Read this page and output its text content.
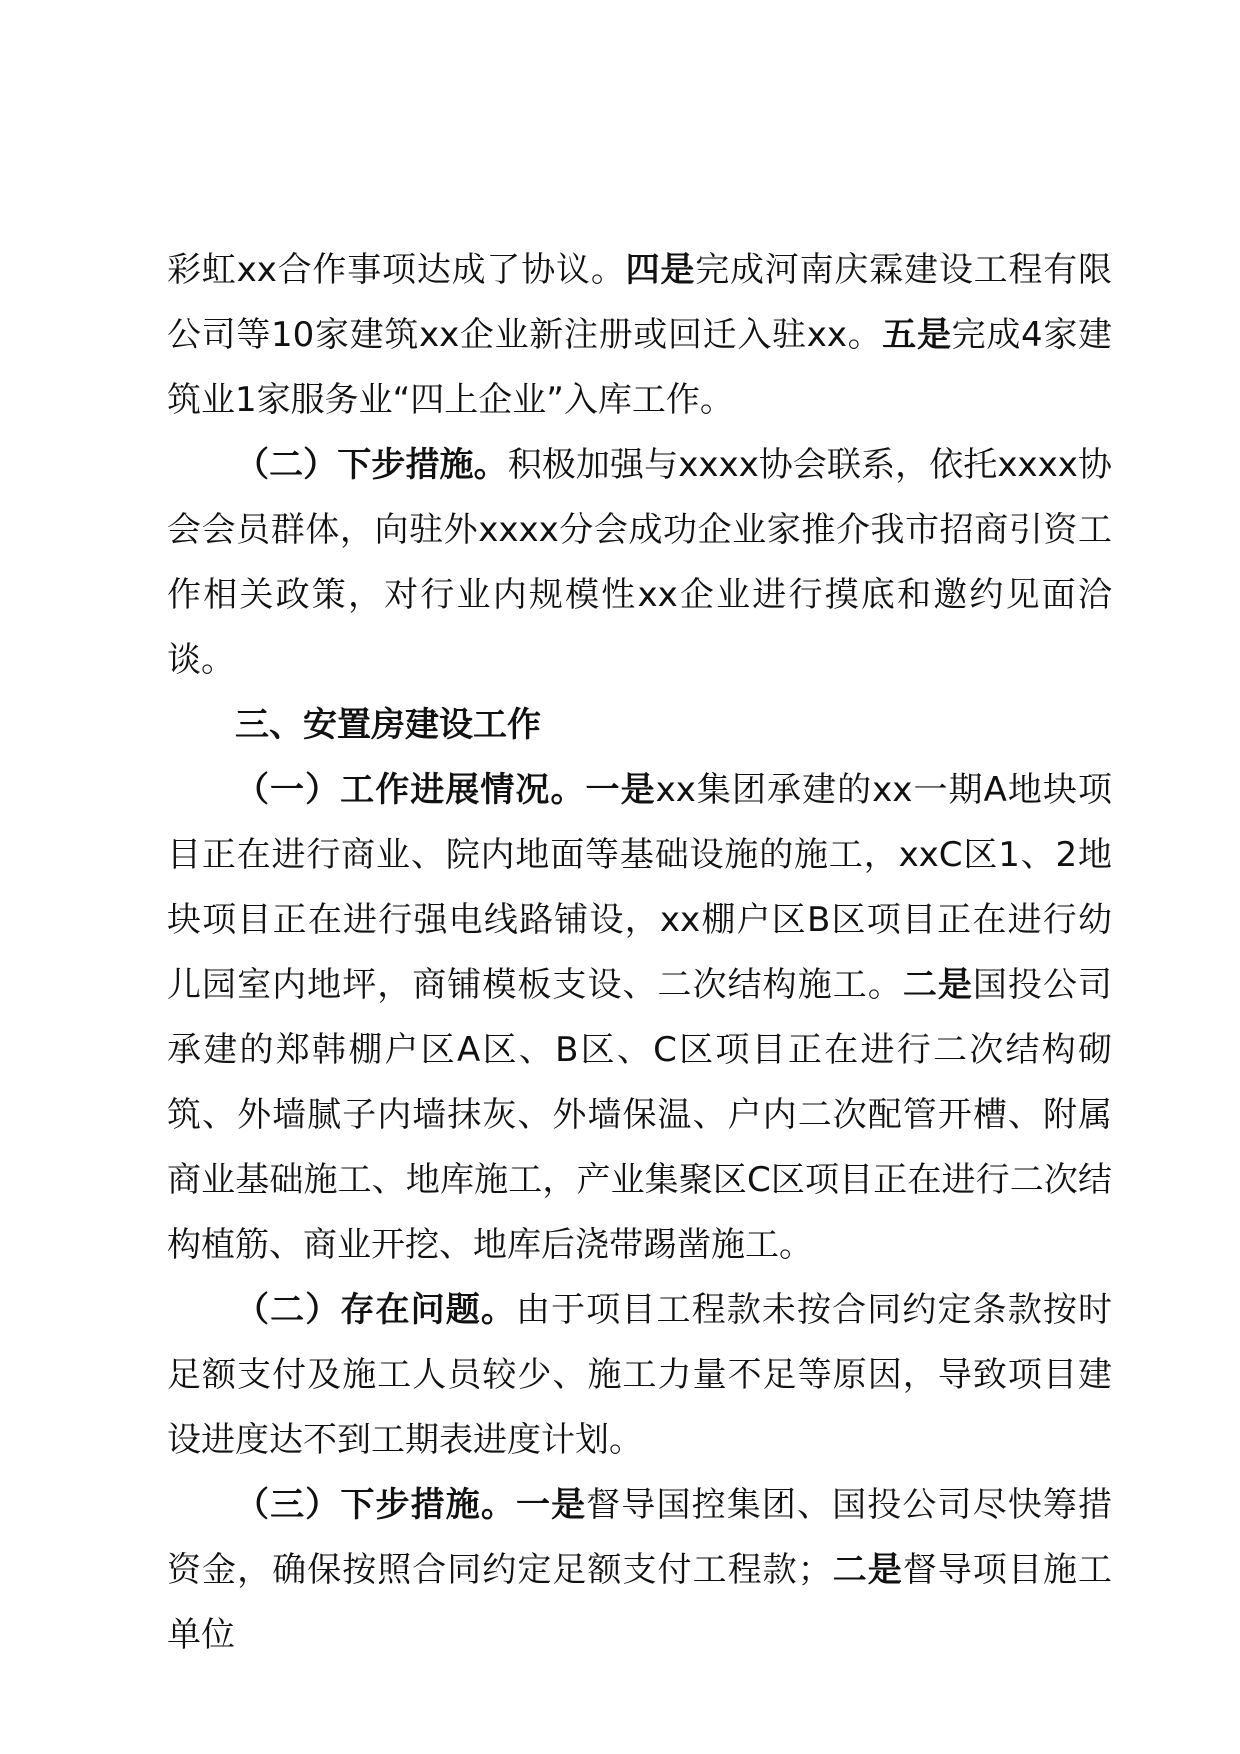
彩虹xx合作事项达成了协议。四是完成河南庆霖建设工程有限公司等10家建筑xx企业新注册或回迁入驻xx。五是完成4家建筑业1家服务业“四上企业”入库工作。

（二）下步措施。积极加强与xxxx协会联系，依托xxxx协会会员群体，向驻外xxxx分会成功企业家推介我市招商引资工作相关政策，对行业内规模性xx企业进行摸底和邀约见面洽谈。

三、安置房建设工作

（一）工作进展情况。一是xx集团承建的xx一期A地块项目正在进行商业、院内地面等基础设施的施工，xxC区1、2地块项目正在进行强电线路铺设，xx棚户区B区项目正在进行幼儿园室内地坪，商铺模板支设、二次结构施工。二是国投公司承建的郑韩棚户区A区、B区、C区项目正在进行二次结构砌筑、外墙腻子内墙抹灰、外墙保温、户内二次配管开槽、附属商业基础施工、地库施工，产业集聚区C区项目正在进行二次结构植筋、商业开挖、地库后浇带踢凿施工。

（二）存在问题。由于项目工程款未按合同约定条款按时足额支付及施工人员较少、施工力量不足等原因，导致项目建设进度达不到工期表进度计划。

（三）下步措施。一是督导国控集团、国投公司尽快筹措资金，确保按照合同约定足额支付工程款；二是督导项目施工单位
